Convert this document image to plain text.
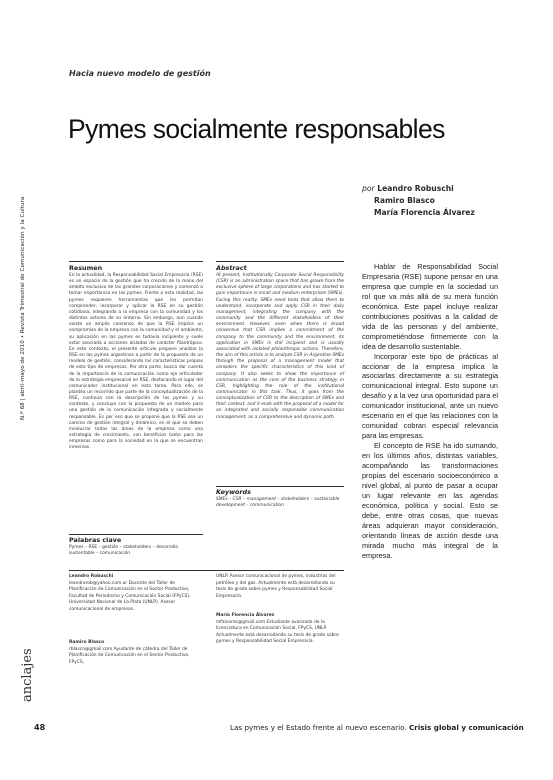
N.º 68 | abril–mayo de 2010 • Revista Trimestral de Comunicación y la Cultura
Hacia nuevo modelo de gestión
Pymes socialmente responsables
por Leandro Robuschi
Ramiro Blasco
María Florencia Álvarez
Resumen
En la actualidad, la Responsabilidad Social Empresaria (RSE) es un espacio de la gestión que ha crecido de la mano del ámbito exclusivo de las grandes corporaciones y comenzó a tomar importancia en las pymes. Frente a esta realidad, las pymes requieren herramientas que les permitan comprender, incorporar y aplicar la RSE en su gestión cotidiana, integrando a la empresa con la comunidad y los distintos actores de su entorno. Sin embargo, aún cuando existe un amplio consenso de que la RSE implica un compromiso de la empresa con la comunidad y el ambiente, su aplicación en las pymes es todavía incipiente y suele estar asociada a acciones aisladas de carácter filantrópico. En este contexto, el presente artículo propone analizar la RSE en las pymes argentinas a partir de la propuesta de un modelo de gestión, considerando las características propias de este tipo de empresas. Por otra parte, busca dar cuenta de la importancia de la comunicación como eje articulador de la estrategia empresarial en RSE, destacando el lugar del comunicador institucional en esta tarea. Para ello, se plantea un recorrido que parte de la conceptualización de la RSE, continúa con la descripción de las pymes y su contexto, y concluye con la propuesta de un modelo para una gestión de la comunicación integrada y socialmente responsable. Es por eso que se propone que la RSE sea un camino de gestión integral y dinámico, en el que se deben involucrar todas las áreas de la empresa como una estrategia de crecimiento, con beneficios tanto para las empresas como para la sociedad en la que se encuentran inmersas.
Abstract
At present, Institutionally Corporate Social Responsibility (CSR) is an administration space that has grown from the exclusive sphere of large corporations and has started to gain importance in small and medium enterprises (SMEs). Facing this reality, SMEs need tools that allow them to understand, incorporate and apply CSR in their daily management, integrating the company with the community and the different stakeholders of their environment. However, even when there is broad consensus that CSR implies a commitment of the company to the community and the environment, its application in SMEs is still incipient and is usually associated with isolated philanthropic actions. Therefore, the aim of this article is to analyze CSR in Argentine SMEs through the proposal of a management model that considers the specific characteristics of this kind of company. It also seeks to show the importance of communication as the core of the business strategy in CSR, highlighting the role of the institutional communicator in this task. Thus, it goes from the conceptualization of CSR to the description of SMEs and their context, and it ends with the proposal of a model for an integrated and socially responsible communication management, as a comprehensive and dynamic path.
Keywords
SMEs – CSR – management – stakeholders – sustainable development – communication
Palabras clave
Pymes – RSE – gestión – stakeholders – desarrollo sustentable – comunicación
Leandro Robuschi
leandrorob@yahoo.com.ar Docente del Taller de Planificación de Comunicación en el Sector Productivo, Facultad de Periodismo y Comunicación Social (FPyCS), Universidad Nacional de La Plata (UNLP). Asesor comunicacional de empresas.
Ramiro Blasco
rblasco@gmail.com Ayudante de cátedra del Taller de Planificación de Comunicación en el Sector Productivo, FPyCS,
UNLP. Asesor comunicacional de pymes, industrias del petróleo y del gas. Actualmente está desarrollando su tesis de grado sobre pymes y Responsabilidad Social Empresaria.
María Florencia Álvarez
mfalvarez@gmail.com Estudiante avanzada de la licenciatura en Comunicación Social, FPyCS, UNLP. Actualmente está desarrollando su tesis de grado sobre pymes y Responsabilidad Social Empresaria.

Hablar de Responsabilidad Social Empresaria (RSE) supone pensar en una empresa que cumple en la sociedad un rol que va más allá de su mera función económica. Este papel incluye realizar contribuciones positivas a la calidad de vida de las personas y del ambiente, comprometiéndose firmemente con la idea de desarrollo sustentable.

Incorporar este tipo de prácticas al accionar de la empresa implica la asociarlas directamente a su estrategia comunicacional integral. Esto supone un desafío y a la vez una oportunidad para el comunicador institucional, ante un nuevo escenario en el que las relaciones con la comunidad cobran especial relevancia para las empresas.

El concepto de RSE ha ido sumando, en los últimos años, distintas variables, acompañando las transformaciones propias del escenario socioeconómico a nivel global, al punto de pasar a ocupar un lugar relevante en las agendas económica, política y social. Esto se debe, entre otras cosas, que nuevas áreas adquieran mayor consideración, orientando líneas de acción desde una mirada mucho más integral de la empresa.

anclajes
48	Las pymes y el Estado frente al nuevo escenario. Crisis global y comunicación
